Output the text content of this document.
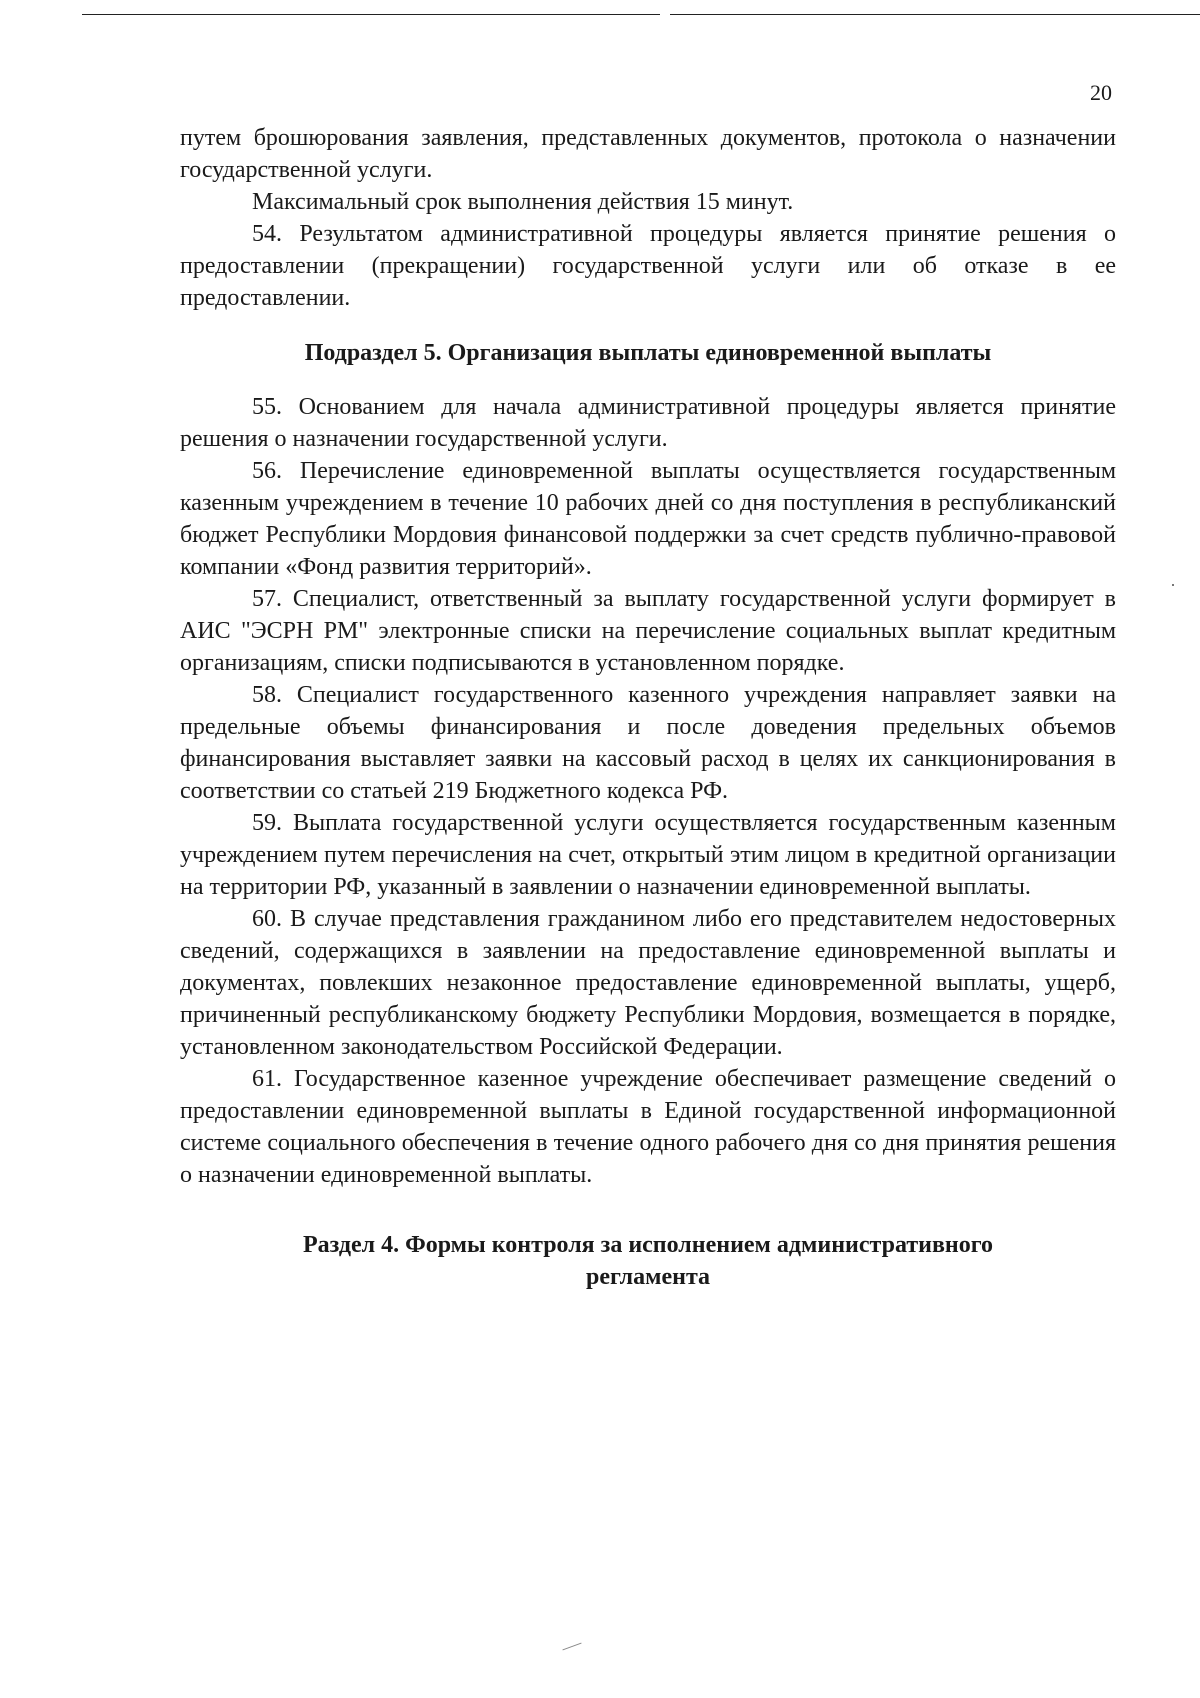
20

путем брошюрования заявления, представленных документов, протокола о назначении государственной услуги.

Максимальный срок выполнения действия 15 минут.

54. Результатом административной процедуры является принятие решения о предоставлении (прекращении) государственной услуги или об отказе в ее предоставлении.

Подраздел 5. Организация выплаты единовременной выплаты

55. Основанием для начала административной процедуры является принятие решения о назначении государственной услуги.

56. Перечисление единовременной выплаты осуществляется государственным казенным учреждением в течение 10 рабочих дней со дня поступления в республиканский бюджет Республики Мордовия финансовой поддержки за счет средств публично-правовой компании «Фонд развития территорий».

57. Специалист, ответственный за выплату государственной услуги формирует в АИС "ЭСРН РМ" электронные списки на перечисление социальных выплат кредитным организациям, списки подписываются в установленном порядке.

58. Специалист государственного казенного учреждения направляет заявки на предельные объемы финансирования и после доведения предельных объемов финансирования выставляет заявки на кассовый расход в целях их санкционирования в соответствии со статьей 219 Бюджетного кодекса РФ.

59. Выплата государственной услуги осуществляется государственным казенным учреждением путем перечисления на счет, открытый этим лицом в кредитной организации на территории РФ, указанный в заявлении о назначении единовременной выплаты.

60. В случае представления гражданином либо его представителем недостоверных сведений, содержащихся в заявлении на предоставление единовременной выплаты и документах, повлекших незаконное предоставление единовременной выплаты, ущерб, причиненный республиканскому бюджету Республики Мордовия, возмещается в порядке, установленном законодательством Российской Федерации.

61. Государственное казенное учреждение обеспечивает размещение сведений о предоставлении единовременной выплаты в Единой государственной информационной системе социального обеспечения в течение одного рабочего дня со дня принятия решения о назначении единовременной выплаты.

Раздел 4. Формы контроля за исполнением административного регламента
